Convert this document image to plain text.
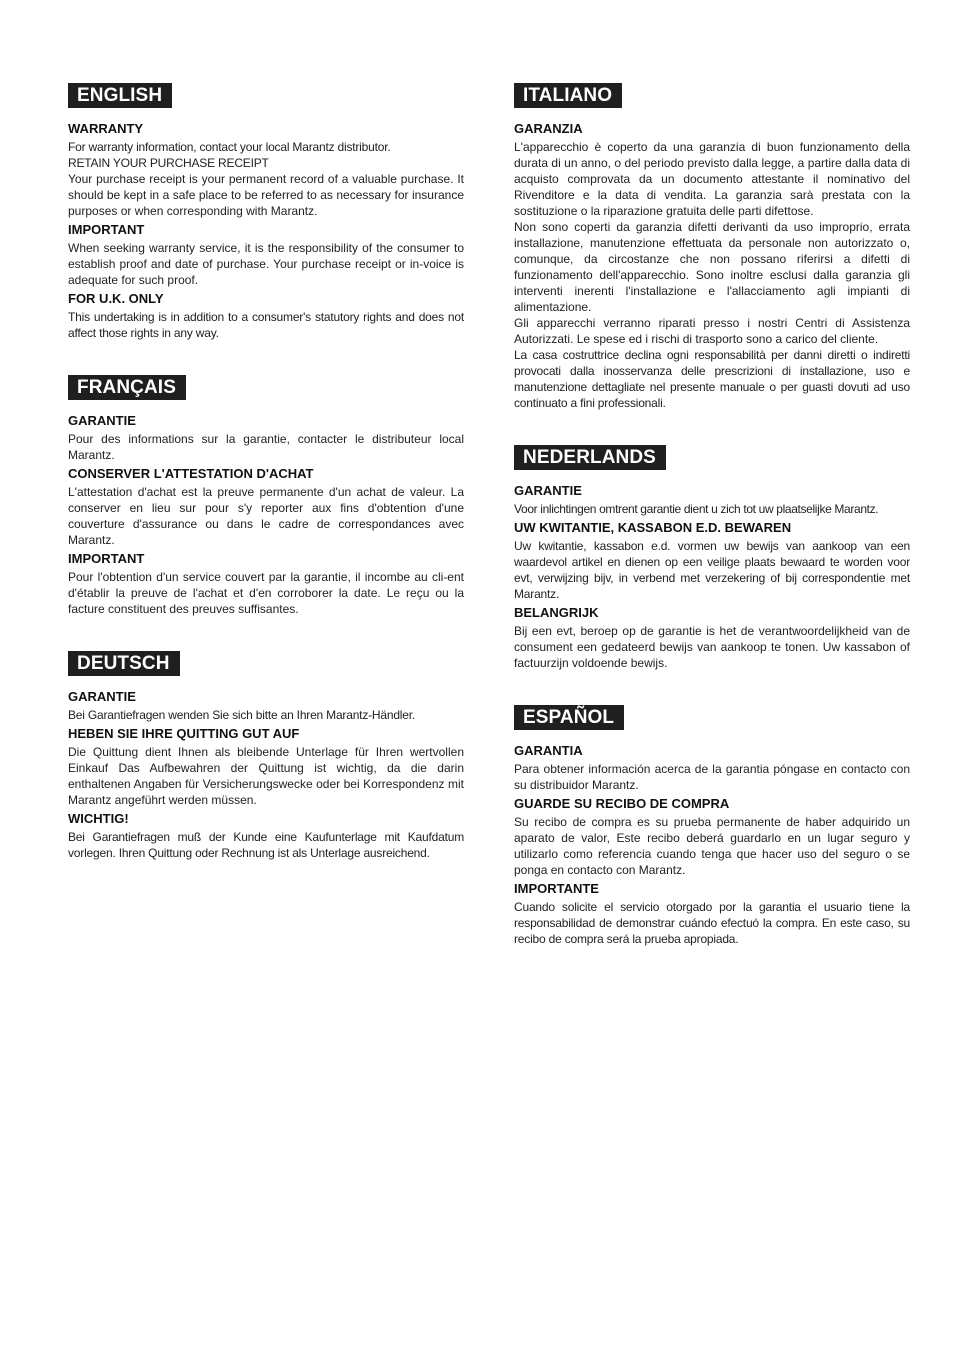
ENGLISH
WARRANTY

For warranty information, contact your local Marantz distributor.

RETAIN YOUR PURCHASE RECEIPT

Your purchase receipt is your permanent record of a valuable purchase. It should be kept in a safe place to be referred to as necessary for insurance purposes or when corresponding with Marantz.

IMPORTANT

When seeking warranty service, it is the responsibility of the consumer to establish proof and date of purchase. Your purchase receipt or in-voice is adequate for such proof.

FOR U.K. ONLY

This undertaking is in addition to a consumer's statutory rights and does not affect those rights in any way.

FRANÇAIS
GARANTIE

Pour des informations sur la garantie, contacter le distributeur local Marantz.

CONSERVER L'ATTESTATION D'ACHAT

L'attestation d'achat est la preuve permanente d'un achat de valeur. La conserver en lieu sur pour s'y reporter aux fins d'obtention d'une couverture d'assurance ou dans le cadre de correspondances avec Marantz.

IMPORTANT

Pour l'obtention d'un service couvert par la garantie, il incombe au cli-ent d'établir la preuve de l'achat et d'en corroborer la date. Le reçu ou la facture constituent des preuves suffisantes.

DEUTSCH
GARANTIE

Bei Garantiefragen wenden Sie sich bitte an Ihren Marantz-Händler.

HEBEN SIE IHRE QUITTING GUT AUF

Die Quittung dient Ihnen als bleibende Unterlage für Ihren wertvollen Einkauf Das Aufbewahren der Quittung ist wichtig, da die darin enthaltenen Angaben für Versicherungswecke oder bei Korrespondenz mit Marantz angeführt werden müssen.

WICHTIG!

Bei Garantiefragen muß der Kunde eine Kaufunterlage mit Kaufdatum vorlegen. Ihren Quittung oder Rechnung ist als Unterlage ausreichend.

ITALIANO
GARANZIA

L'apparecchio è coperto da una garanzia di buon funzionamento della durata di un anno, o del periodo previsto dalla legge, a partire dalla data di acquisto comprovata da un documento attestante il nominativo del Rivenditore e la data di vendita. La garanzia sarà prestata con la sostituzione o la riparazione gratuita delle parti difettose.

Non sono coperti da garanzia difetti derivanti da uso improprio, errata installazione, manutenzione effettuata da personale non autorizzato o, comunque, da circostanze che non possano riferirsi a difetti di funzionamento dell'apparecchio. Sono inoltre esclusi dalla garanzia gli interventi inerenti l'installazione e l'allacciamento agli impianti di alimentazione.

Gli apparecchi verranno riparati presso i nostri Centri di Assistenza Autorizzati. Le spese ed i rischi di trasporto sono a carico del cliente.

La casa costruttrice declina ogni responsabilità per danni diretti o indiretti provocati dalla inosservanza delle prescrizioni di installazione, uso e manutenzione dettagliate nel presente manuale o per guasti dovuti ad uso continuato a fini professionali.

NEDERLANDS
GARANTIE

Voor inlichtingen omtrent garantie dient u zich tot uw plaatselijke Marantz.

UW KWITANTIE, KASSABON E.D. BEWAREN

Uw kwitantie, kassabon e.d. vormen uw bewijs van aankoop van een waardevol artikel en dienen op een veilige plaats bewaard te worden voor evt, verwijzing bijv, in verbend met verzekering of bij correspondentie met Marantz.

BELANGRIJK

Bij een evt, beroep op de garantie is het de verantwoordelijkheid van de consument een gedateerd bewijs van aankoop te tonen. Uw kassabon of factuurzijn voldoende bewijs.

ESPAÑOL
GARANTIA

Para obtener información acerca de la garantia póngase en contacto con su distribuidor Marantz.

GUARDE SU RECIBO DE COMPRA

Su recibo de compra es su prueba permanente de haber adquirido un aparato de valor, Este recibo deberá guardarlo en un lugar seguro y utilizarlo como referencia cuando tenga que hacer uso del seguro o se ponga en contacto con Marantz.

IMPORTANTE

Cuando solicite el servicio otorgado por la garantia el usuario tiene la responsabilidad de demonstrar cuándo efectuó la compra. En este caso, su recibo de compra será la prueba apropiada.
